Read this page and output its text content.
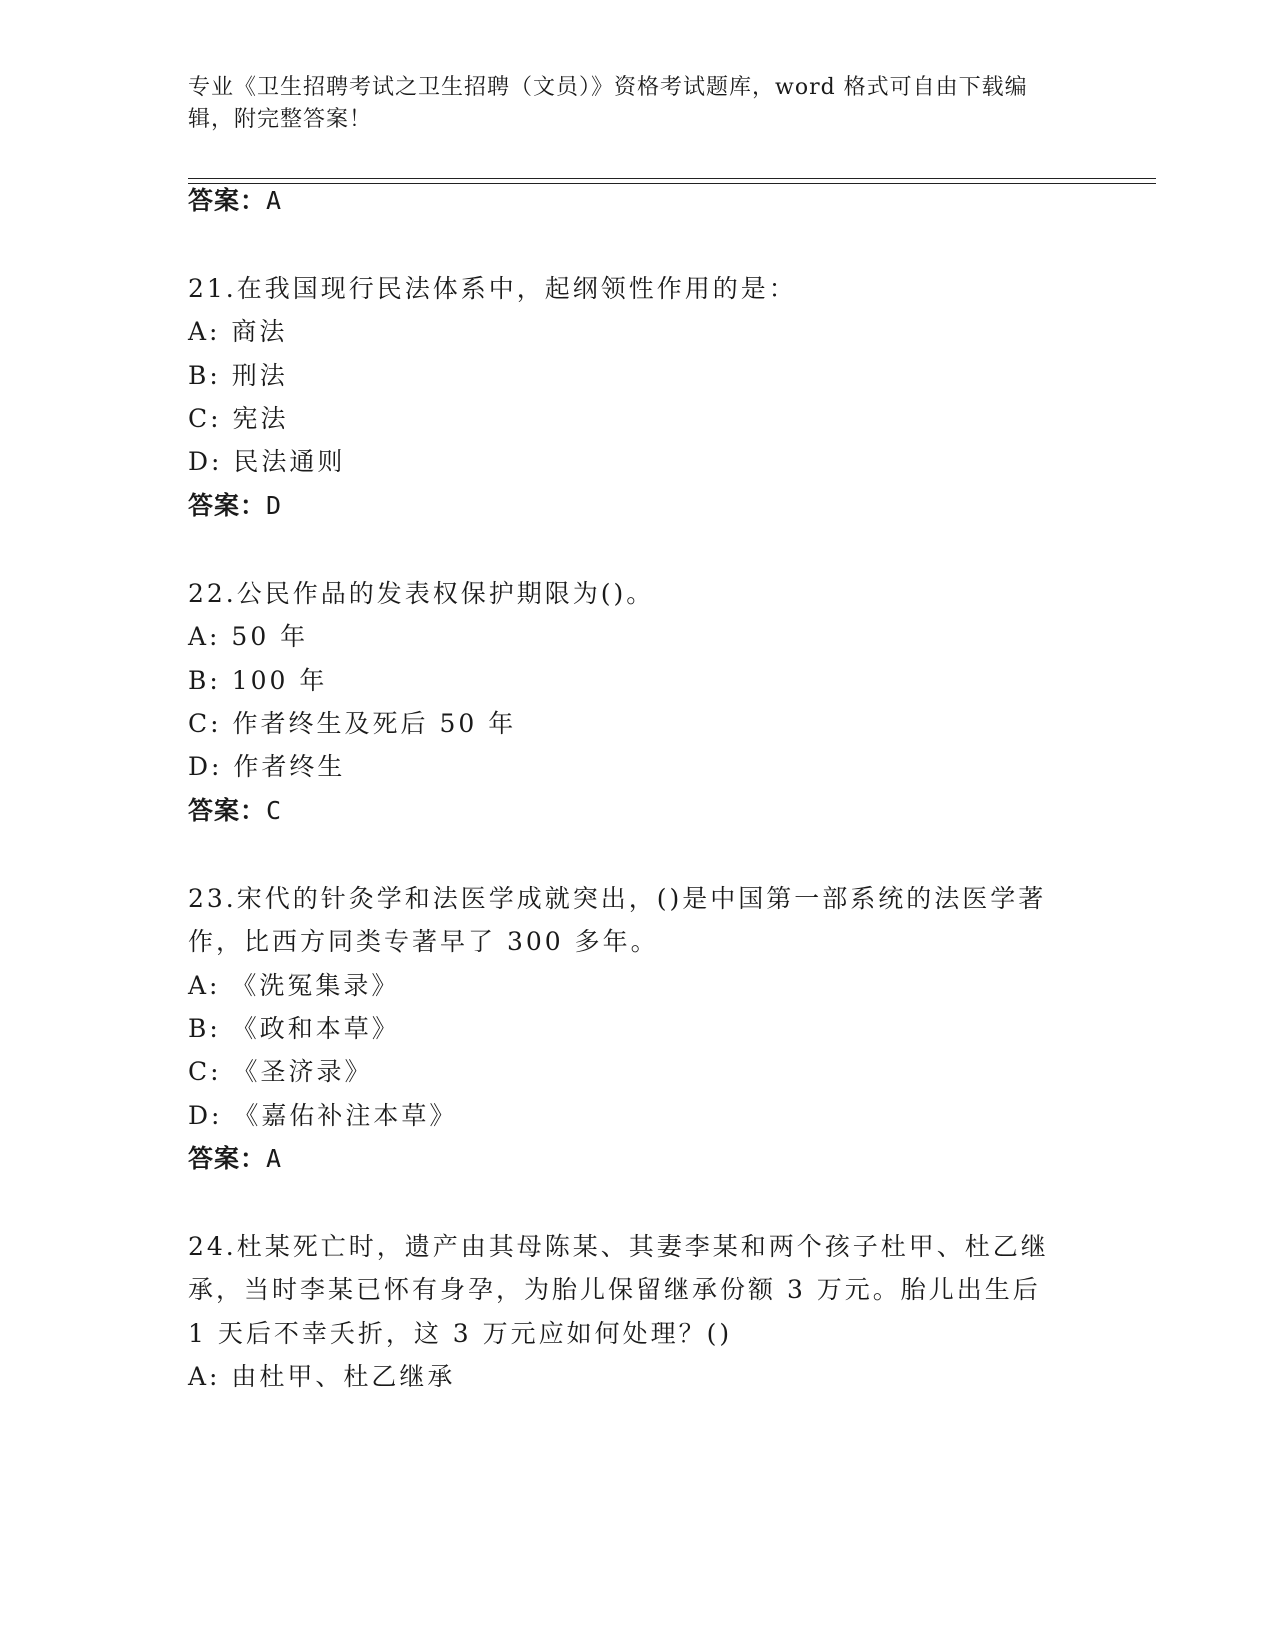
专业《卫生招聘考试之卫生招聘（文员）》资格考试题库，word 格式可自由下载编辑，附完整答案！
答案：A
21.在我国现行民法体系中，起纲领性作用的是：
A: 商法
B: 刑法
C: 宪法
D: 民法通则
答案：D
22.公民作品的发表权保护期限为()。
A: 50 年
B: 100 年
C: 作者终生及死后 50 年
D: 作者终生
答案：C
23.宋代的针灸学和法医学成就突出，()是中国第一部系统的法医学著
作，比西方同类专著早了 300 多年。
A: 《洗冤集录》
B: 《政和本草》
C: 《圣济录》
D: 《嘉佑补注本草》
答案：A
24.杜某死亡时，遗产由其母陈某、其妻李某和两个孩子杜甲、杜乙继
承，当时李某已怀有身孕，为胎儿保留继承份额 3 万元。胎儿出生后
1 天后不幸夭折，这 3 万元应如何处理？()
A: 由杜甲、杜乙继承
